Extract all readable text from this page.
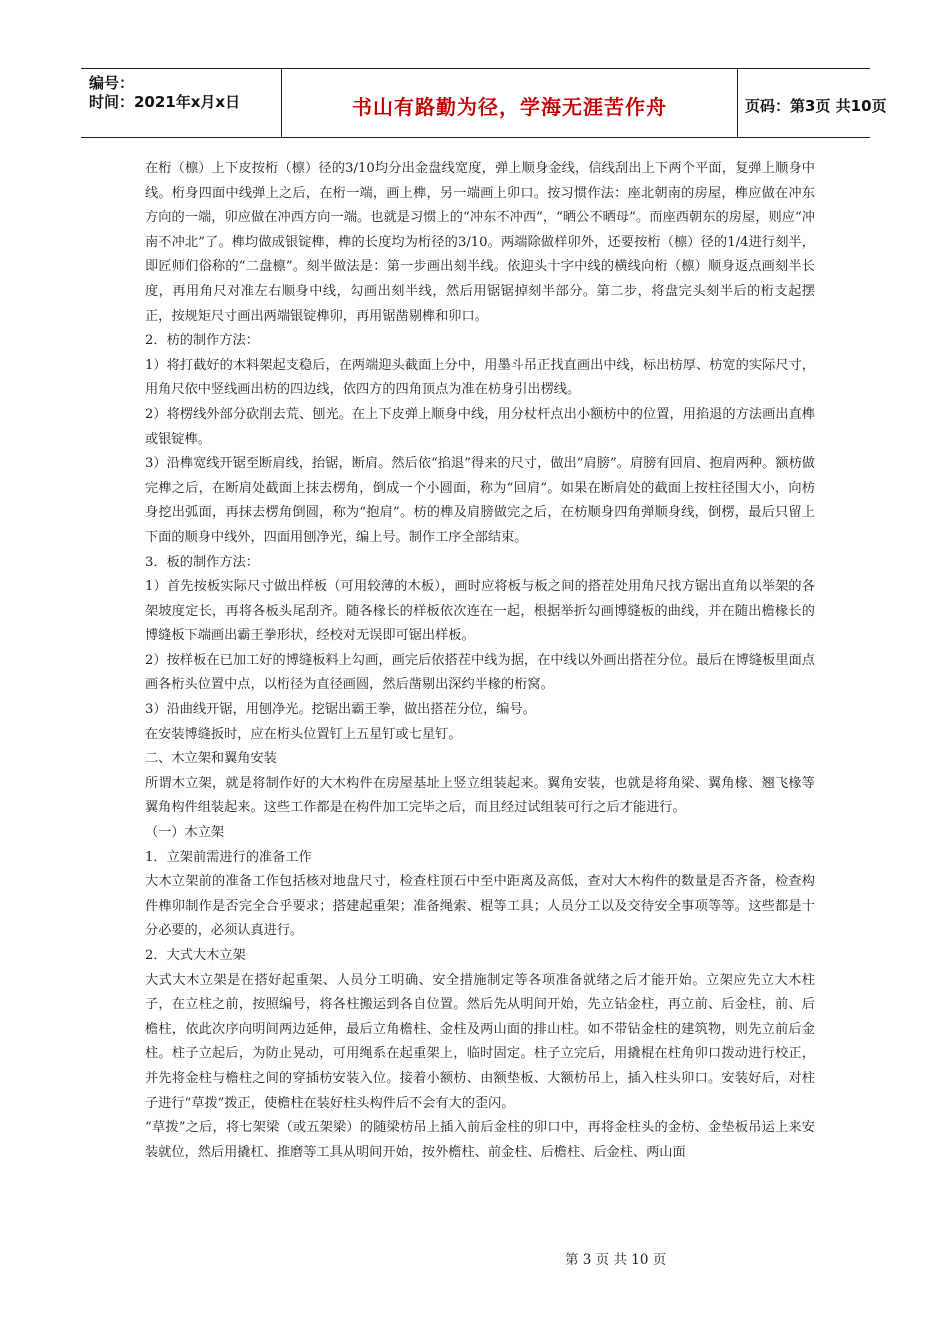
编号：
时间：2021年x月x日	书山有路勤为径，学海无涯苦作舟	页码：第3页 共10页

在桁（檩）上下皮按桁（檩）径的3/10均分出金盘线宽度，弹上顺身金线，信线刮出上下两个平面，复弹上顺身中线。桁身四面中线弹上之后，在桁一端，画上榫，另一端画上卯口。按习惯作法：座北朝南的房屋，榫应做在冲东方向的一端，卯应做在冲西方向一端。也就是习惯上的“冲东不冲西”，“晒公不晒母”。而座西朝东的房屋，则应“冲南不冲北”了。榫均做成银锭榫，榫的长度均为桁径的3/10。两端除做样卯外，还要按桁（檩）径的1/4进行刻半，即匠师们俗称的“二盘檩”。刻半做法是：第一步画出刻半线。依迎头十字中线的横线向桁（檩）顺身返点画刻半长度，再用角尺对准左右顺身中线，勾画出刻半线，然后用锯锯掉刻半部分。第二步，将盘完头刻半后的桁支起摆正，按规矩尺寸画出两端银锭榫卯，再用锯凿剔榫和卯口。

2．枋的制作方法：

1）将打截好的木料架起支稳后，在两端迎头截面上分中，用墨斗吊正找直画出中线，标出枋厚、枋宽的实际尺寸，用角尺依中竖线画出枋的四边线，依四方的四角顶点为准在枋身引出楞线。

2）将楞线外部分砍削去荒、刨光。在上下皮弹上顺身中线，用分杖杆点出小额枋中的位置，用掐退的方法画出直榫或银锭榫。

3）沿榫宽线开锯至断肩线，抬锯，断肩。然后依“掐退”得来的尺寸，做出“肩膀”。肩膀有回肩、抱肩两种。额枋做完榫之后，在断肩处截面上抹去楞角，倒成一个小圆面，称为“回肩”。如果在断肩处的截面上按柱径围大小，向枋身挖出弧面，再抹去楞角倒圆，称为“抱肩”。枋的榫及肩膀做完之后，在枋顺身四角弹顺身线，倒楞，最后只留上下面的顺身中线外，四面用刨净光，编上号。制作工序全部结束。

3．板的制作方法：

1）首先按板实际尺寸做出样板（可用较薄的木板），画时应将板与板之间的搭茬处用角尺找方锯出直角以举架的各架坡度定长，再将各板头尾刮齐。随各椽长的样板依次连在一起，根据举折勾画博缝板的曲线，并在随出檐椽长的博缝板下端画出霸王拳形状，经校对无误即可锯出样板。

2）按样板在已加工好的博缝板料上勾画，画完后依搭茬中线为据，在中线以外画出搭茬分位。最后在博缝板里面点画各桁头位置中点，以桁径为直径画圆，然后凿剔出深约半椽的桁窝。

3）沿曲线开锯，用刨净光。挖锯出霸王拳，做出搭茬分位，编号。

在安装博缝扳时，应在桁头位置钉上五星钉或七星钉。

二、木立架和翼角安装

所谓木立架，就是将制作好的大木构件在房屋基址上竖立组装起来。翼角安装，也就是将角梁、翼角椽、翘飞椽等翼角构件组装起来。这些工作都是在构件加工完毕之后，而且经过试组装可行之后才能进行。

（一）木立架

1．立架前需进行的准备工作

大木立架前的准备工作包括核对地盘尺寸，检查柱顶石中至中距离及高低，查对大木构件的数量是否齐备，检查构件榫卯制作是否完全合乎要求；搭建起重架；准备绳索、棍等工具；人员分工以及交待安全事项等等。这些都是十分必要的，必须认真进行。

2．大式大木立架

大式大木立架是在搭好起重架、人员分工明确、安全措施制定等各项准备就绪之后才能开始。立架应先立大木柱子，在立柱之前，按照编号，将各柱搬运到各自位置。然后先从明间开始，先立钻金柱，再立前、后金柱，前、后檐柱，依此次序向明间两边延伸，最后立角檐柱、金柱及两山面的排山柱。如不带钻金柱的建筑物，则先立前后金柱。柱子立起后，为防止晃动，可用绳系在起重架上，临时固定。柱子立完后，用撬棍在柱角卯口拨动进行校正，并先将金柱与檐柱之间的穿插枋安装入位。接着小额枋、由额垫板、大额枋吊上，插入柱头卯口。安装好后，对柱子进行“草拨”拨正，使檐柱在装好柱头构件后不会有大的歪闪。

“草拨”之后，将七架梁（或五架梁）的随梁枋吊上插入前后金柱的卯口中，再将金柱头的金枋、金垫板吊运上来安装就位，然后用撬杠、推磨等工具从明间开始，按外檐柱、前金柱、后檐柱、后金柱、两山面

第 3 页 共 10 页
